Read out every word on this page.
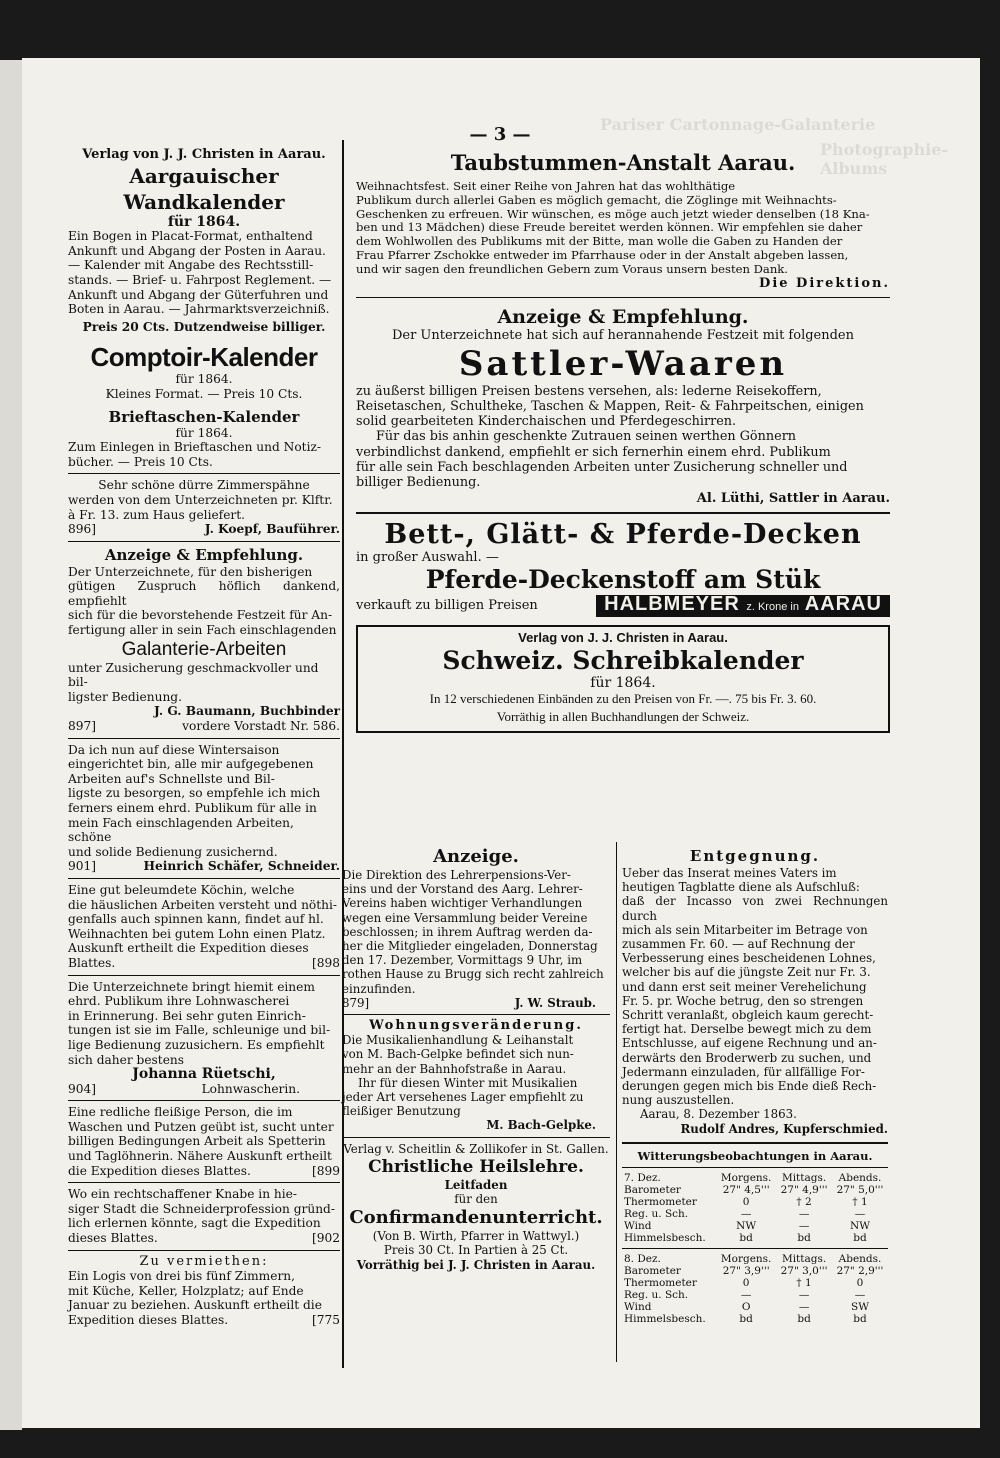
Photographie-Albums
Pariser Cartonnage-Galanterie
— 3 —
Verlag von J. J. Christen in Aarau.
Aargauischer Wandkalender
für 1864.
Ein Bogen in Placat-Format, enthaltend
Ankunft und Abgang der Posten in Aarau.
— Kalender mit Angabe des Rechtsstill-
stands. — Brief- u. Fahrpost Reglement. —
Ankunft und Abgang der Güterfuhren und
Boten in Aarau. — Jahrmarktsverzeichniß.
Preis 20 Cts. Dutzendweise billiger.
Comptoir-Kalender
für 1864.
Kleines Format. — Preis 10 Cts.
Brieftaschen-Kalender
für 1864.
Zum Einlegen in Brieftaschen und Notiz-
bücher. — Preis 10 Cts.
Sehr schöne dürre Zimmerspähne
werden von dem Unterzeichneten pr. Klftr.
à Fr. 13. zum Haus geliefert.
896]	J. Koepf, Bauführer.
Anzeige & Empfehlung.
Der Unterzeichnete, für den bisherigen
gütigen Zuspruch höflich dankend, empfiehlt
sich für die bevorstehende Festzeit für An-
fertigung aller in sein Fach einschlagenden
Galanterie-Arbeiten
unter Zusicherung geschmackvoller und bil-
ligster Bedienung.
J. G. Baumann, Buchbinder
897]	vordere Vorstadt Nr. 586.
Da ich nun auf diese Wintersaison
eingerichtet bin, alle mir aufgegebenen
Arbeiten auf's Schnellste und Bil-
ligste zu besorgen, so empfehle ich mich
ferners einem ehrd. Publikum für alle in
mein Fach einschlagenden Arbeiten, schöne
und solide Bedienung zusichernd.
901]	Heinrich Schäfer, Schneider.
Eine gut beleumdete Köchin, welche
die häuslichen Arbeiten versteht und nöthi-
genfalls auch spinnen kann, findet auf hl.
Weihnachten bei gutem Lohn einen Platz.
Auskunft ertheilt die Expedition dieses
Blattes.	[898
Die Unterzeichnete bringt hiemit einem
ehrd. Publikum ihre Lohnwascherei
in Erinnerung. Bei sehr guten Einrich-
tungen ist sie im Falle, schleunige und bil-
lige Bedienung zuzusichern. Es empfiehlt
sich daher bestens
Johanna Rüetschi,
904]	Lohnwascherin.
Eine redliche fleißige Person, die im
Waschen und Putzen geübt ist, sucht unter
billigen Bedingungen Arbeit als Spetterin
und Taglöhnerin. Nähere Auskunft ertheilt
die Expedition dieses Blattes.	[899
Wo ein rechtschaffener Knabe in hie-
siger Stadt die Schneiderprofession gründ-
lich erlernen könnte, sagt die Expedition
dieses Blattes.	[902
Zu vermiethen:
Ein Logis von drei bis fünf Zimmern,
mit Küche, Keller, Holzplatz; auf Ende
Januar zu beziehen. Auskunft ertheilt die
Expedition dieses Blattes.	[775
Taubstummen-Anstalt Aarau.
Weihnachtsfest. Seit einer Reihe von Jahren hat das wohlthätige
Publikum durch allerlei Gaben es möglich gemacht, die Zöglinge mit Weihnachts-
Geschenken zu erfreuen. Wir wünschen, es möge auch jetzt wieder denselben (18 Kna-
ben und 13 Mädchen) diese Freude bereitet werden können. Wir empfehlen sie daher
dem Wohlwollen des Publikums mit der Bitte, man wolle die Gaben zu Handen der
Frau Pfarrer Zschokke entweder im Pfarrhause oder in der Anstalt abgeben lassen,
und wir sagen den freundlichen Gebern zum Voraus unsern besten Dank.
Die Direktion.
Anzeige & Empfehlung.
Der Unterzeichnete hat sich auf herannahende Festzeit mit folgenden
Sattler-Waaren
zu äußerst billigen Preisen bestens versehen, als: lederne Reisekoffern,
Reisetaschen, Schultheke, Taschen & Mappen, Reit- & Fahrpeitschen, einigen
solid gearbeiteten Kinderchaischen und Pferdegeschirren.
Für das bis anhin geschenkte Zutrauen seinen werthen Gönnern
verbindlichst dankend, empfiehlt er sich fernerhin einem ehrd. Publikum
für alle sein Fach beschlagenden Arbeiten unter Zusicherung schneller und
billiger Bedienung.
Al. Lüthi, Sattler in Aarau.
Bett-, Glätt- & Pferde-Decken
in großer Auswahl. —
Pferde-Deckenstoff am Stük
verkauft zu billigen Preisen	HALBMEYER z. Krone in AARAU
Verlag von J. J. Christen in Aarau.
Schweiz. Schreibkalender
für 1864.
In 12 verschiedenen Einbänden zu den Preisen von Fr. —. 75 bis Fr. 3. 60.
Vorräthig in allen Buchhandlungen der Schweiz.
Anzeige.
Die Direktion des Lehrerpensions-Ver-
eins und der Vorstand des Aarg. Lehrer-
Vereins haben wichtiger Verhandlungen
wegen eine Versammlung beider Vereine
beschlossen; in ihrem Auftrag werden da-
her die Mitglieder eingeladen, Donnerstag
den 17. Dezember, Vormittags 9 Uhr, im
rothen Hause zu Brugg sich recht zahlreich
einzufinden.
879]	J. W. Straub.
Wohnungsveränderung.
Die Musikalienhandlung & Leihanstalt
von M. Bach-Gelpke befindet sich nun-
mehr an der Bahnhofstraße in Aarau.
Ihr für diesen Winter mit Musikalien
jeder Art versehenes Lager empfiehlt zu
fleißiger Benutzung
M. Bach-Gelpke.
Verlag v. Scheitlin & Zollikofer in St. Gallen.
Christliche Heilslehre.
Leitfaden
für den
Confirmandenunterricht.
(Von B. Wirth, Pfarrer in Wattwyl.)
Preis 30 Ct. In Partien à 25 Ct.
Vorräthig bei J. J. Christen in Aarau.
Entgegnung.
Ueber das Inserat meines Vaters im
heutigen Tagblatte diene als Aufschluß:
daß der Incasso von zwei Rechnungen durch
mich als sein Mitarbeiter im Betrage von
zusammen Fr. 60. — auf Rechnung der
Verbesserung eines bescheidenen Lohnes,
welcher bis auf die jüngste Zeit nur Fr. 3.
und dann erst seit meiner Verehelichung
Fr. 5. pr. Woche betrug, den so strengen
Schritt veranlaßt, obgleich kaum gerecht-
fertigt hat. Derselbe bewegt mich zu dem
Entschlusse, auf eigene Rechnung und an-
derwärts den Broderwerb zu suchen, und
Jedermann einzuladen, für allfällige For-
derungen gegen mich bis Ende dieß Rech-
nung auszustellen.
Aarau, 8. Dezember 1863.
Rudolf Andres, Kupferschmied.
Witterungsbeobachtungen in Aarau.
7. Dez.	Morgens.	Mittags.	Abends.
Barometer	27" 4,5'''	27" 4,9'''	27" 5,0'''
Thermometer	0	† 2	† 1
Reg. u. Sch.	—	—	—
Wind	NW	—	NW
Himmelsbesch.	bd	bd	bd
8. Dez.	Morgens.	Mittags.	Abends.
Barometer	27" 3,9'''	27" 3,0'''	27" 2,9'''
Thermometer	0	† 1	0
Reg. u. Sch.	—	—	—
Wind	O	—	SW
Himmelsbesch.	bd	bd	bd
